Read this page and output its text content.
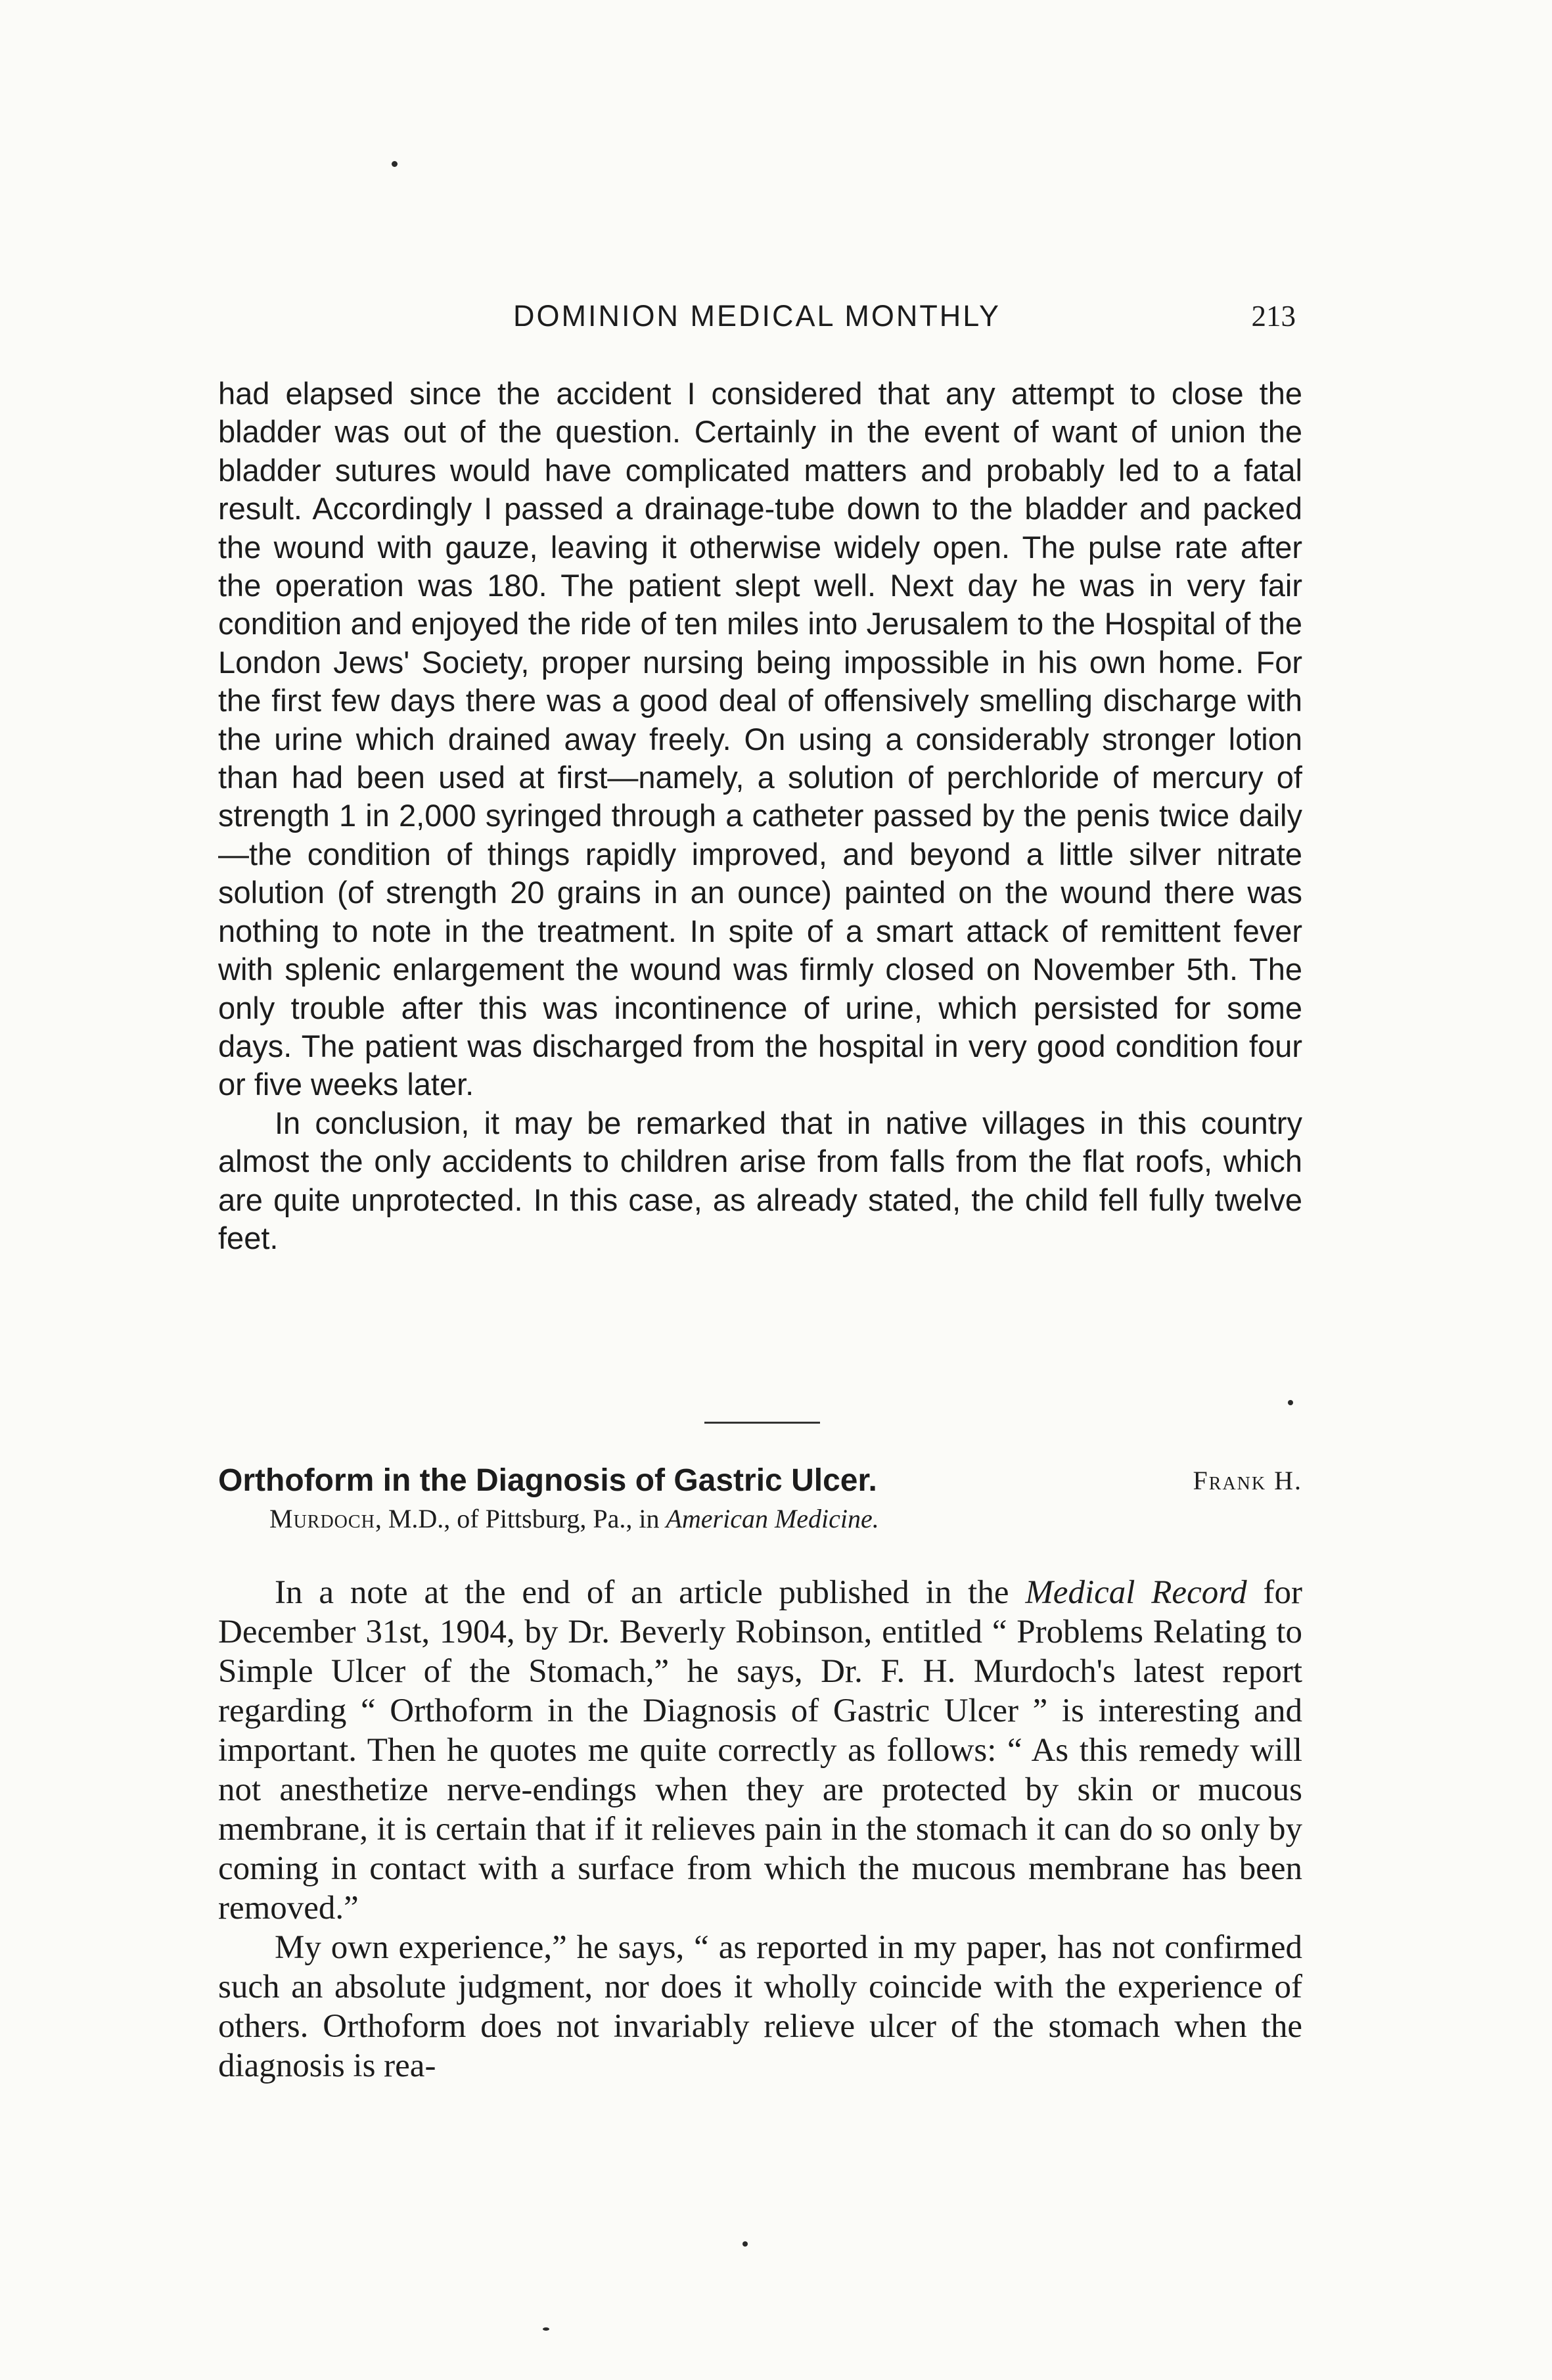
DOMINION MEDICAL MONTHLY	213

had elapsed since the accident I considered that any attempt to close the bladder was out of the question. Certainly in the event of want of union the bladder sutures would have complicated matters and probably led to a fatal result. Accordingly I passed a drainage-tube down to the bladder and packed the wound with gauze, leaving it otherwise widely open. The pulse rate after the operation was 180. The patient slept well. Next day he was in very fair condition and enjoyed the ride of ten miles into Jerusalem to the Hospital of the London Jews' Society, proper nursing being impossible in his own home. For the first few days there was a good deal of offensively smelling discharge with the urine which drained away freely. On using a considerably stronger lotion than had been used at first—namely, a solution of perchloride of mercury of strength 1 in 2,000 syringed through a catheter passed by the penis twice daily—the condition of things rapidly improved, and beyond a little silver nitrate solution (of strength 20 grains in an ounce) painted on the wound there was nothing to note in the treatment. In spite of a smart attack of remittent fever with splenic enlargement the wound was firmly closed on November 5th. The only trouble after this was incontinence of urine, which persisted for some days. The patient was discharged from the hospital in very good condition four or five weeks later.

In conclusion, it may be remarked that in native villages in this country almost the only accidents to children arise from falls from the flat roofs, which are quite unprotected. In this case, as already stated, the child fell fully twelve feet.

Orthoform in the Diagnosis of Gastric Ulcer.	Frank H.
Murdoch, M.D., of Pittsburg, Pa., in American Medicine.

In a note at the end of an article published in the Medical Record for December 31st, 1904, by Dr. Beverly Robinson, entitled “ Problems Relating to Simple Ulcer of the Stomach,” he says, Dr. F. H. Murdoch's latest report regarding “ Orthoform in the Diagnosis of Gastric Ulcer ” is interesting and important. Then he quotes me quite correctly as follows: “ As this remedy will not anesthetize nerve-endings when they are protected by skin or mucous membrane, it is certain that if it relieves pain in the stomach it can do so only by coming in contact with a surface from which the mucous membrane has been removed.”

My own experience,” he says, “ as reported in my paper, has not confirmed such an absolute judgment, nor does it wholly coincide with the experience of others. Orthoform does not invariably relieve ulcer of the stomach when the diagnosis is rea-
